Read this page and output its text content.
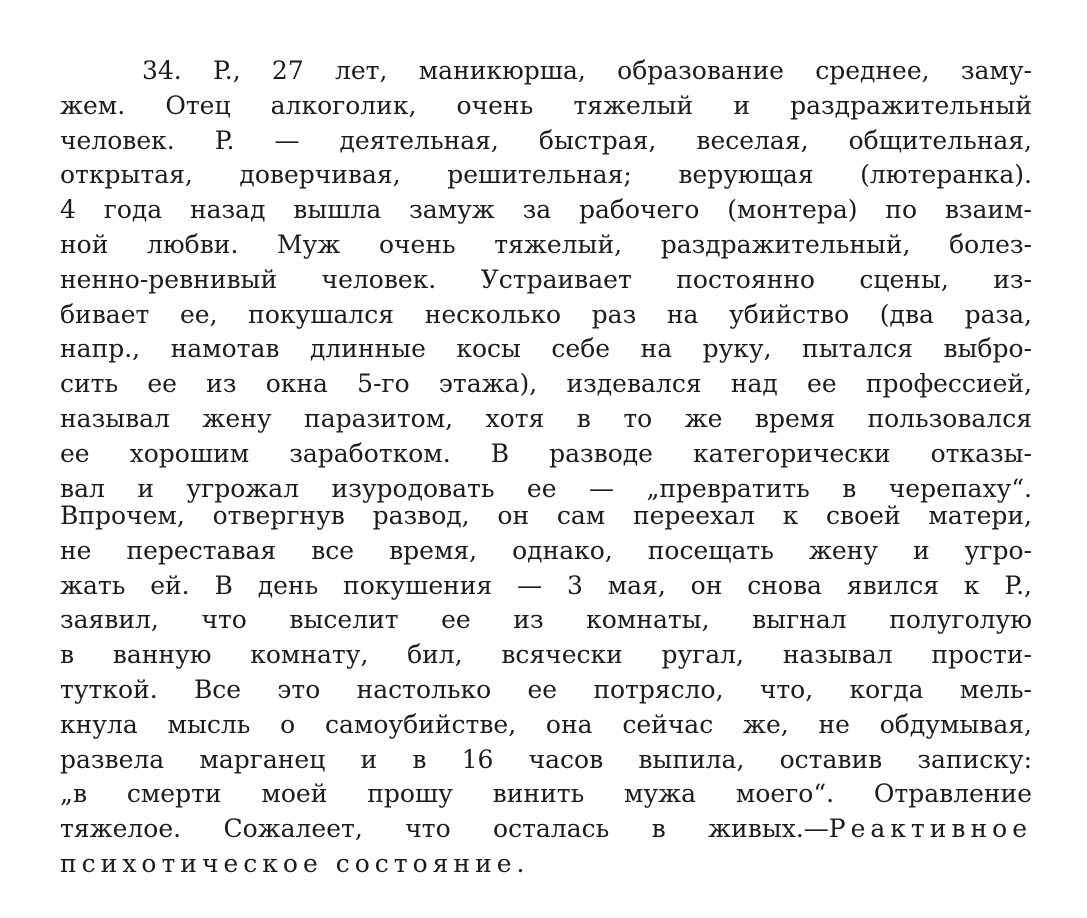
34. P., 27 лет, маникюрша, образование среднее, заму-
жем. Отец алкоголик, очень тяжелый и раздражительный
человек. P. — деятельная, быстрая, веселая, общительная,
открытая, доверчивая, решительная; верующая (лютеранка).
4 года назад вышла замуж за рабочего (монтера) по взаим-
ной любви. Муж очень тяжелый, раздражительный, болез-
ненно-ревнивый человек. Устраивает постоянно сцены, из-
бивает ее, покушался несколько раз на убийство (два раза,
напр., намотав длинные косы себе на руку, пытался выбро-
сить ее из окна 5-го этажа), издевался над ее профессией,
называл жену паразитом, хотя в то же время пользовался
ее хорошим заработком. В разводе категорически отказы-
вал и угрожал изуродовать ее — „превратить в черепаху“.
Впрочем, отвергнув развод, он сам переехал к своей матери,
не переставая все время, однако, посещать жену и угро-
жать ей. В день покушения — 3 мая, он снова явился к P.,
заявил, что выселит ее из комнаты, выгнал полуголую
в ванную комнату, бил, всячески ругал, называл прости-
туткой. Все это настолько ее потрясло, что, когда мель-
кнула мысль о самоубийстве, она сейчас же, не обдумывая,
развела марганец и в 16 часов выпила, оставив записку:
„в смерти моей прошу винить мужа моего“. Отравление
тяжелое. Сожалеет, что осталась в живых.—Реактивное
психотическое состояние.
